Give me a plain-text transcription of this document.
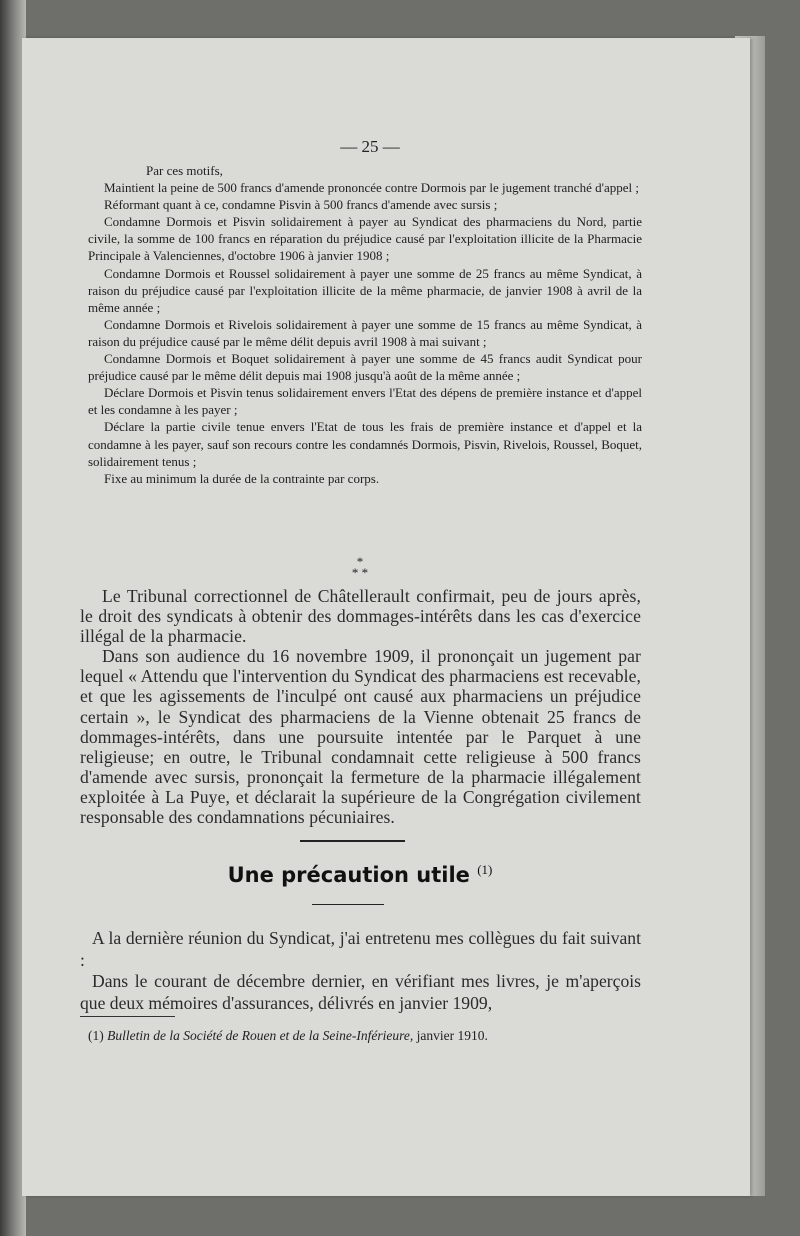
— 25 —

Par ces motifs,

Maintient la peine de 500 francs d'amende prononcée contre Dormois par le jugement tranché d'appel ;

Réformant quant à ce, condamne Pisvin à 500 francs d'amende avec sursis ;

Condamne Dormois et Pisvin solidairement à payer au Syndicat des pharmaciens du Nord, partie civile, la somme de 100 francs en réparation du préjudice causé par l'exploitation illicite de la Pharmacie Principale à Valenciennes, d'octobre 1906 à janvier 1908 ;

Condamne Dormois et Roussel solidairement à payer une somme de 25 francs au même Syndicat, à raison du préjudice causé par l'exploitation illicite de la même pharmacie, de janvier 1908 à avril de la même année ;

Condamne Dormois et Rivelois solidairement à payer une somme de 15 francs au même Syndicat, à raison du préjudice causé par le même délit depuis avril 1908 à mai suivant ;

Condamne Dormois et Boquet solidairement à payer une somme de 45 francs audit Syndicat pour préjudice causé par le même délit depuis mai 1908 jusqu'à août de la même année ;

Déclare Dormois et Pisvin tenus solidairement envers l'Etat des dépens de première instance et d'appel et les condamne à les payer ;

Déclare la partie civile tenue envers l'Etat de tous les frais de première instance et d'appel et la condamne à les payer, sauf son recours contre les condamnés Dormois, Pisvin, Rivelois, Roussel, Boquet, solidairement tenus ;

Fixe au minimum la durée de la contrainte par corps.

*
* *

Le Tribunal correctionnel de Châtellerault confirmait, peu de jours après, le droit des syndicats à obtenir des dommages-intérêts dans les cas d'exercice illégal de la pharmacie.

Dans son audience du 16 novembre 1909, il prononçait un jugement par lequel « Attendu que l'intervention du Syndicat des pharmaciens est recevable, et que les agissements de l'inculpé ont causé aux pharmaciens un préjudice certain », le Syndicat des pharmaciens de la Vienne obtenait 25 francs de dommages-intérêts, dans une poursuite intentée par le Parquet à une religieuse; en outre, le Tribunal condamnait cette religieuse à 500 francs d'amende avec sursis, prononçait la fermeture de la pharmacie illégalement exploitée à La Puye, et déclarait la supérieure de la Congrégation civilement responsable des condamnations pécuniaires.

Une précaution utile $^{(1)}$

A la dernière réunion du Syndicat, j'ai entretenu mes collègues du fait suivant :

Dans le courant de décembre dernier, en vérifiant mes livres, je m'aperçois que deux mémoires d'assurances, délivrés en janvier 1909,

(1) Bulletin de la Société de Rouen et de la Seine-Inférieure, janvier 1910.
